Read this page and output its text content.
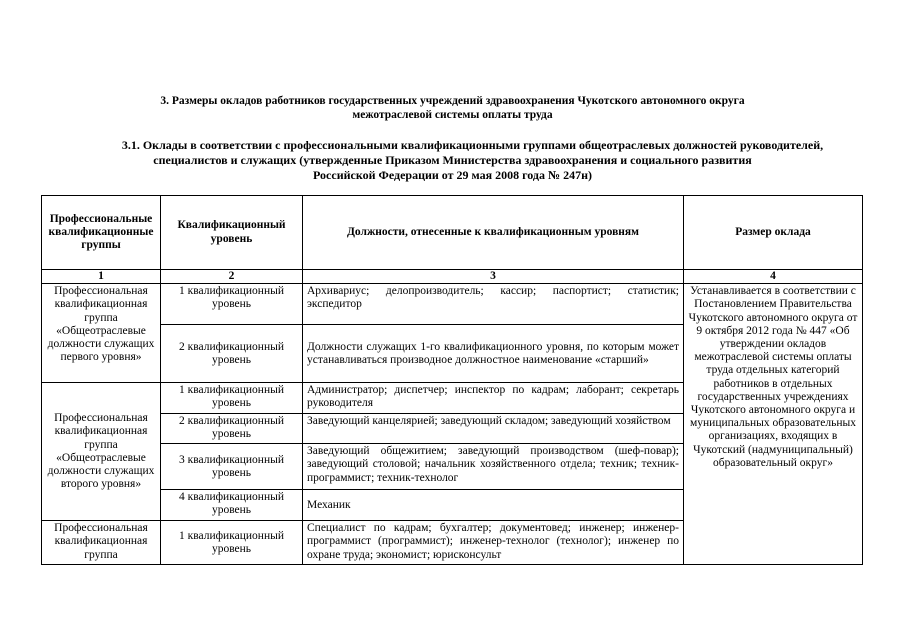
3. Размеры окладов работников государственных учреждений здравоохранения Чукотского автономного округа
межотраслевой системы оплаты труда
3.1. Оклады в соответствии с профессиональными квалификационными группами общеотраслевых должностей руководителей,
специалистов и служащих (утвержденные Приказом Министерства здравоохранения и социального развития
Российской Федерации от 29 мая 2008 года № 247н)
Профессиональные квалификационные группы	Квалификационный уровень	Должности, отнесенные к квалификационным уровням	Размер оклада
1	2	3	4
Профессиональная квалификационная группа «Общеотраслевые должности служащих первого уровня»	1 квалификационный уровень	Архивариус; делопроизводитель; кассир; паспортист; статистик; экспедитор	Устанавливается в соответствии с Постановлением Правительства Чукотского автономного округа от 9 октября 2012 года № 447 «Об утверждении окладов межотраслевой системы оплаты труда отдельных категорий работников в отдельных государственных учреждениях Чукотского автономного округа и муниципальных образовательных организациях, входящих в Чукотский (надмуниципальный) образовательный округ»
	2 квалификационный уровень	Должности служащих 1-го квалификационного уровня, по которым может устанавливаться производное должностное наименование «старший»	
Профессиональная квалификационная группа «Общеотраслевые должности служащих второго уровня»	1 квалификационный уровень	Администратор; диспетчер; инспектор по кадрам; лаборант; секретарь руководителя	
	2 квалификационный уровень	Заведующий канцелярией; заведующий складом; заведующий хозяйством	
	3 квалификационный уровень	Заведующий общежитием; заведующий производством (шеф-повар); заведующий столовой; начальник хозяйственного отдела; техник; техник-программист; техник-технолог	
	4 квалификационный уровень	Механик	
Профессиональная квалификационная группа	1 квалификационный уровень	Специалист по кадрам; бухгалтер; документовед; инженер; инженер-программист (программист); инженер-технолог (технолог); инженер по охране труда; экономист; юрисконсульт	
